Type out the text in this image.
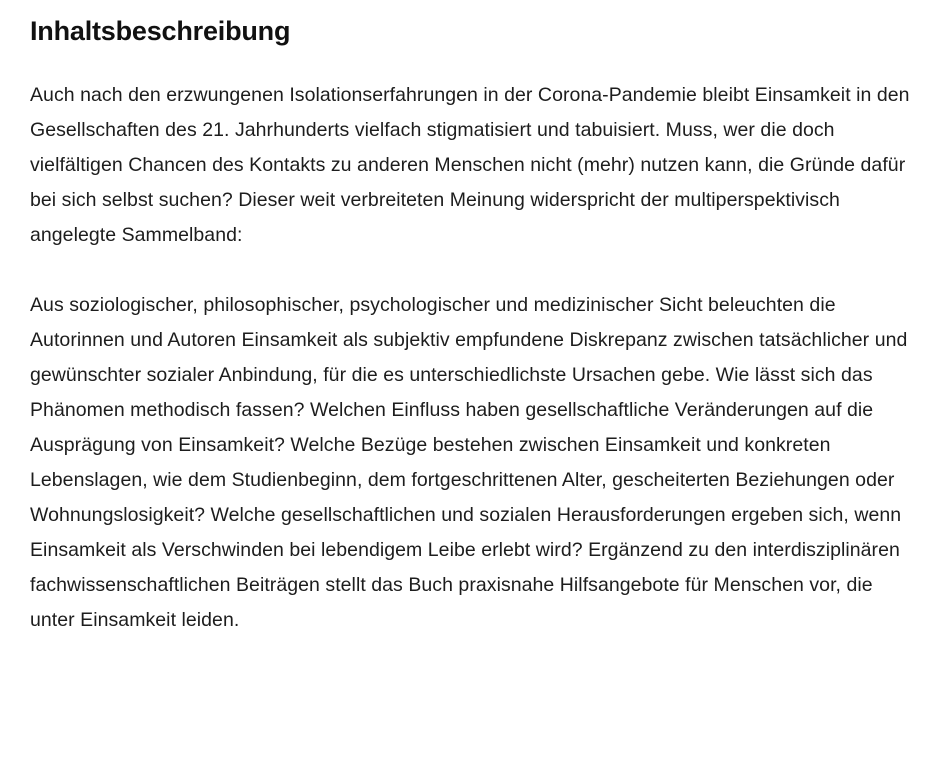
Inhaltsbeschreibung

Auch nach den erzwungenen Isolationserfahrungen in der Corona-Pandemie bleibt Einsamkeit in den Gesellschaften des 21. Jahrhunderts vielfach stigmatisiert und tabuisiert. Muss, wer die doch vielfältigen Chancen des Kontakts zu anderen Menschen nicht (mehr) nutzen kann, die Gründe dafür bei sich selbst suchen? Dieser weit verbreiteten Meinung widerspricht der multiperspektivisch angelegte Sammelband:

Aus soziologischer, philosophischer, psychologischer und medizinischer Sicht beleuchten die Autorinnen und Autoren Einsamkeit als subjektiv empfundene Diskrepanz zwischen tatsächlicher und gewünschter sozialer Anbindung, für die es unterschiedlichste Ursachen gebe. Wie lässt sich das Phänomen methodisch fassen? Welchen Einfluss haben gesellschaftliche Veränderungen auf die Ausprägung von Einsamkeit? Welche Bezüge bestehen zwischen Einsamkeit und konkreten Lebenslagen, wie dem Studienbeginn, dem fortgeschrittenen Alter, gescheiterten Beziehungen oder Wohnungslosigkeit? Welche gesellschaftlichen und sozialen Herausforderungen ergeben sich, wenn Einsamkeit als Verschwinden bei lebendigem Leibe erlebt wird? Ergänzend zu den interdisziplinären fachwissenschaftlichen Beiträgen stellt das Buch praxisnahe Hilfsangebote für Menschen vor, die unter Einsamkeit leiden.
